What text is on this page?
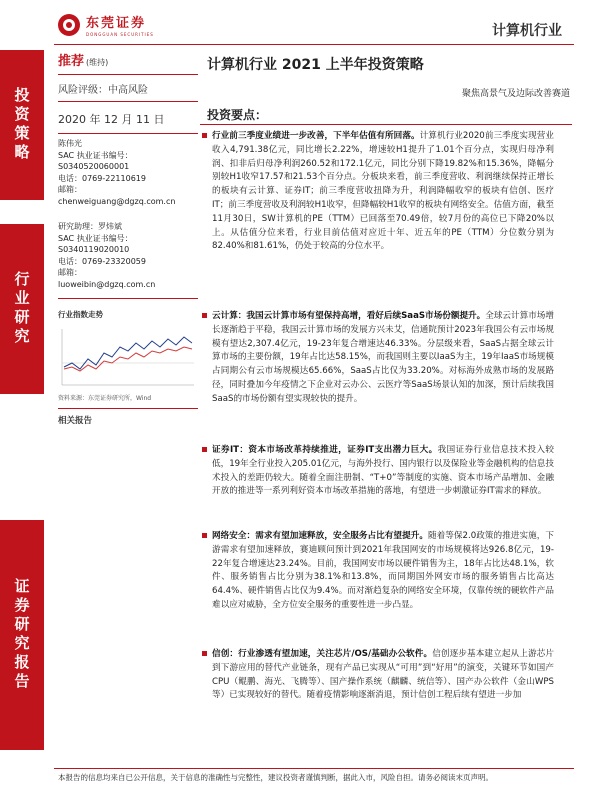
东莞证券
DONGGUAN SECURITIES	计算机行业
投资策略
行业研究
证券研究报告
推荐 (维持)
风险评级：中高风险
2020 年 12 月 11 日
陈伟光
SAC 执业证书编号：
S0340520060001
电话：0769-22110619
邮箱：
chenweiguang@dgzq.com.cn
研究助理：罗炜斌
SAC 执业证书编号：
S0340119020010
电话：0769-23320059
邮箱：
luoweibin@dgzq.com.cn
行业指数走势
资料来源：东莞证券研究所，Wind
相关报告
计算机行业 2021 上半年投资策略
聚焦高景气及边际改善赛道
投资要点：
行业前三季度业绩进一步改善，下半年估值有所回落。计算机行业2020前三季度实现营业收入4,791.38亿元，同比增长2.22%，增速较H1提升了1.01个百分点，实现归母净利润、扣非后归母净利润260.52和172.1亿元，同比分别下降19.82%和15.36%，降幅分别较H1收窄17.57和21.53个百分点。分板块来看，前三季度营收、利润继续保持正增长的板块有云计算、证券IT；前三季度营收扭降为升，利润降幅收窄的板块有信创、医疗IT；前三季度营收及利润较H1收窄，但降幅较H1收窄的板块有网络安全。估值方面，截至11月30日，SW计算机的PE（TTM）已回落至70.49倍，较7月份的高位已下降20%以上。从估值分位来看，行业目前估值对应近十年、近五年的PE（TTM）分位数分别为82.40%和81.61%，仍处于较高的分位水平。
云计算：我国云计算市场有望保持高增，看好后续SaaS市场份额提升。全球云计算市场增长逐渐趋于平稳，我国云计算市场的发展方兴未艾，信通院预计2023年我国公有云市场规模有望达2,307.4亿元，19-23年复合增速达46.33%。分层级来看，SaaS占据全球云计算市场的主要份额，19年占比达58.15%，而我国则主要以IaaS为主，19年IaaS市场规模占同期公有云市场规模达65.66%，SaaS占比仅为33.20%。对标海外成熟市场的发展路径，同时叠加今年疫情之下企业对云办公、云医疗等SaaS场景认知的加深，预计后续我国SaaS的市场份额有望实现较快的提升。
证券IT：资本市场改革持续推进，证券IT支出潜力巨大。我国证券行业信息技术投入较低，19年全行业投入205.01亿元，与海外投行、国内银行以及保险业等金融机构的信息技术投入的差距仍较大。随着全面注册制、“T+0”等制度的实施、资本市场产品增加、金融开放的推进等一系列利好资本市场改革措施的落地，有望进一步刺激证券IT需求的释放。
网络安全：需求有望加速释放，安全服务占比有望提升。随着等保2.0政策的推进实施，下游需求有望加速释放，赛迪顾问预计到2021年我国网安的市场规模将达926.8亿元，19-22年复合增速达23.24%。目前，我国网安市场以硬件销售为主，18年占比达48.1%，软件、服务销售占比分别为38.1%和13.8%，而同期国外网安市场的服务销售占比高达64.4%、硬件销售占比仅为9.4%。而对渐趋复杂的网络安全环境，仅靠传统的硬软件产品难以应对威胁，全方位安全服务的重要性进一步凸显。
信创：行业渗透有望加速，关注芯片/OS/基础办公软件。信创逐步基本建立起从上游芯片到下游应用的替代产业链条，现有产品已实现从“可用”到“好用”的演变，关键环节如国产CPU（鲲鹏、海光、飞腾等）、国产操作系统（麒麟、统信等）、国产办公软件（金山WPS等）已实现较好的替代。随着疫情影响逐渐消退，预计信创工程后续有望进一步加
本报告的信息均来自已公开信息，关于信息的准确性与完整性，建议投资者谨慎判断，据此入市，风险自担。请务必阅读末页声明。
